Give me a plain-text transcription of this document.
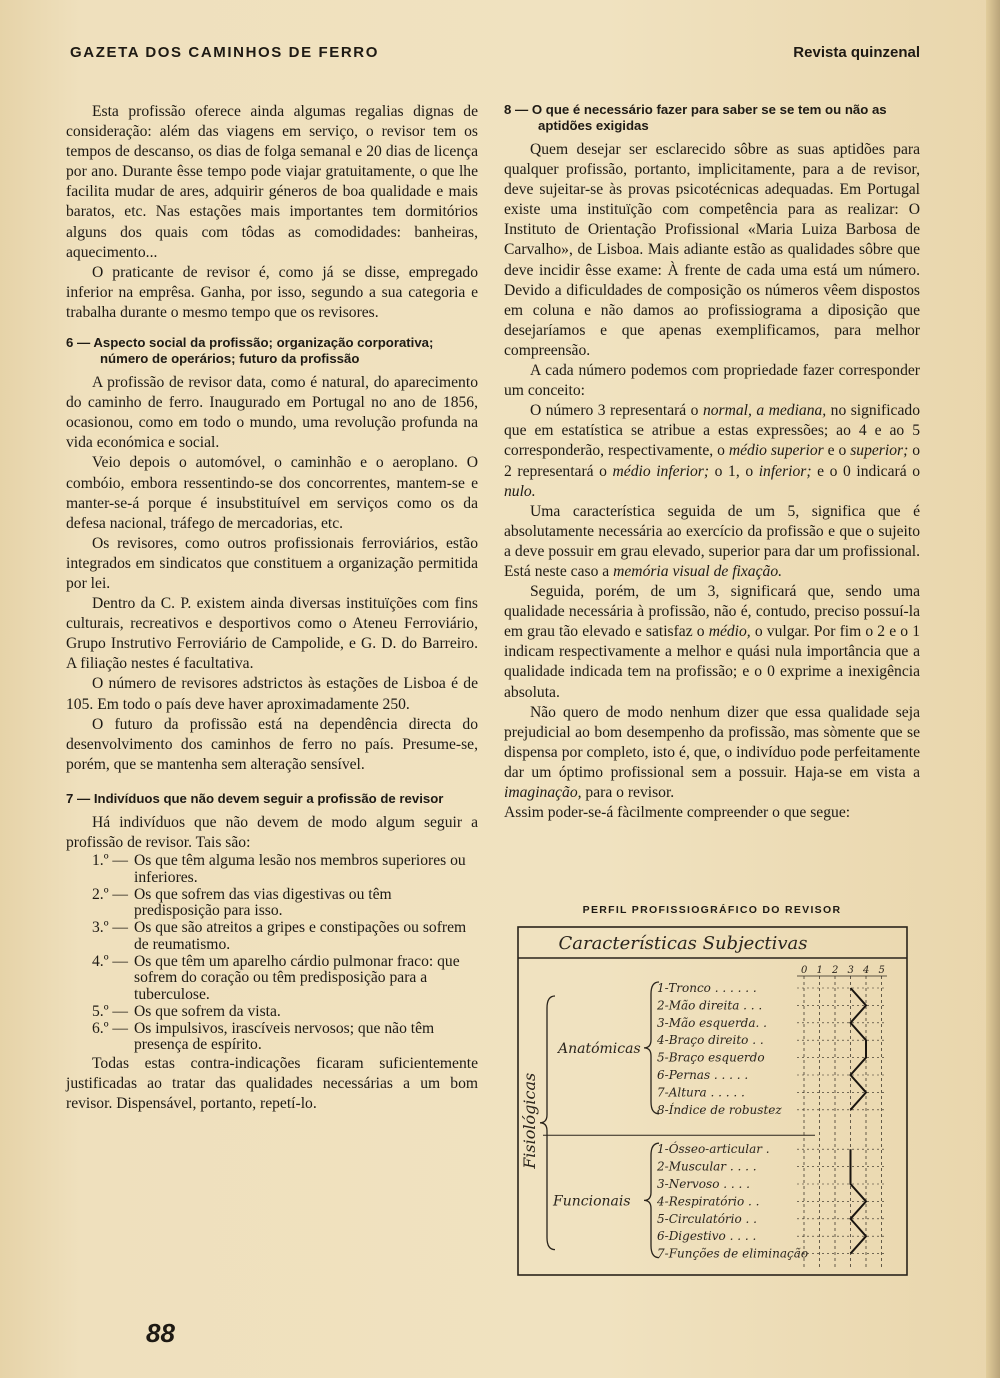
GAZETA DOS CAMINHOS DE FERRO	Revista quinzenal

Esta profissão oferece ainda algumas regalias dignas de consideração: além das viagens em serviço, o revisor tem os tempos de descanso, os dias de folga semanal e 20 dias de licença por ano. Durante êsse tempo pode viajar gratuitamente, o que lhe facilita mudar de ares, adquirir géneros de boa qualidade e mais baratos, etc. Nas estações mais importantes tem dormitórios alguns dos quais com tôdas as comodidades: banheiras, aquecimento...

O praticante de revisor é, como já se disse, empregado inferior na emprêsa. Ganha, por isso, segundo a sua categoria e trabalha durante o mesmo tempo que os revisores.

6 — Aspecto social da profissão; organização corporativa; número de operários; futuro da profissão

A profissão de revisor data, como é natural, do aparecimento do caminho de ferro. Inaugurado em Portugal no ano de 1856, ocasionou, como em todo o mundo, uma revolução profunda na vida económica e social.

Veio depois o automóvel, o caminhão e o aeroplano. O combóio, embora ressentindo-se dos concorrentes, mantem-se e manter-se-á porque é insubstituível em serviços como os da defesa nacional, tráfego de mercadorias, etc.

Os revisores, como outros profissionais ferroviários, estão integrados em sindicatos que constituem a organização permitida por lei.

Dentro da C. P. existem ainda diversas instituïções com fins culturais, recreativos e desportivos como o Ateneu Ferroviário, Grupo Instrutivo Ferroviário de Campolide, e G. D. do Barreiro. A filiação nestes é facultativa.

O número de revisores adstrictos às estações de Lisboa é de 105. Em todo o país deve haver aproximadamente 250.

O futuro da profissão está na dependência directa do desenvolvimento dos caminhos de ferro no país. Presume-se, porém, que se mantenha sem alteração sensível.

7 — Indivíduos que não devem seguir a profissão de revisor

Há indivíduos que não devem de modo algum seguir a profissão de revisor. Tais são:

1.º — Os que têm alguma lesão nos membros superiores ou inferiores.
2.º — Os que sofrem das vias digestivas ou têm predisposição para isso.
3.º — Os que são atreitos a gripes e constipações ou sofrem de reumatismo.
4.º — Os que têm um aparelho cárdio pulmonar fraco: que sofrem do coração ou têm predisposição para a tuberculose.
5.º — Os que sofrem da vista.
6.º — Os impulsivos, irascíveis nervosos; que não têm presença de espírito.

Todas estas contra-indicações ficaram suficientemente justificadas ao tratar das qualidades necessárias a um bom revisor. Dispensável, portanto, repetí-lo.

8 — O que é necessário fazer para saber se se tem ou não as aptidões exigidas

Quem desejar ser esclarecido sôbre as suas aptidões para qualquer profissão, portanto, implicitamente, para a de revisor, deve sujeitar-se às provas psicotécnicas adequadas. Em Portugal existe uma instituïção com competência para as realizar: O Instituto de Orientação Profissional «Maria Luiza Barbosa de Carvalho», de Lisboa. Mais adiante estão as qualidades sôbre que deve incidir êsse exame: À frente de cada uma está um número. Devido a dificuldades de composição os números vêem dispostos em coluna e não damos ao profissiograma a diposição que desejaríamos e que apenas exemplificamos, para melhor compreensão.

A cada número podemos com propriedade fazer corresponder um conceito:

O número 3 representará o normal, a mediana, no significado que em estatística se atribue a estas expressões; ao 4 e ao 5 corresponderão, respectivamente, o médio superior e o superior; o 2 representará o médio inferior; o 1, o inferior; e o 0 indicará o nulo.

Uma característica seguida de um 5, significa que é absolutamente necessária ao exercício da profissão e que o sujeito a deve possuir em grau elevado, superior para dar um profissional. Está neste caso a memória visual de fixação.

Seguida, porém, de um 3, significará que, sendo uma qualidade necessária à profissão, não é, contudo, preciso possuí-la em grau tão elevado e satisfaz o médio, o vulgar. Por fim o 2 e o 1 indicam respectivamente a melhor e quási nula importância que a qualidade indicada tem na profissão; e o 0 exprime a inexigência absoluta.

Não quero de modo nenhum dizer que essa qualidade seja prejudicial ao bom desempenho da profissão, mas sòmente que se dispensa por completo, isto é, que, o indivíduo pode perfeitamente dar um óptimo profissional sem a possuir. Haja-se em vista a imaginação, para o revisor.

Assim poder-se-á fàcilmente compreender o que segue:

PERFIL PROFISSIOGRÁFICO DO REVISOR
Características Subjectivas
0 1 2 3 4 5
1-Tronco . . . . . .
2-Mão direita . . .
3-Mão esquerda. .
4-Braço direito . .
5-Braço esquerdo
6-Pernas . . . . .
7-Altura . . . . .
8-Índice de robustez
1-Ósseo-articular .
2-Muscular . . . .
3-Nervoso . . . .
4-Respiratório . .
5-Circulatório . .
6-Digestivo . . . .
7-Funções de eliminação
Anatómicas
Funcionais
Fisiológicas
88
